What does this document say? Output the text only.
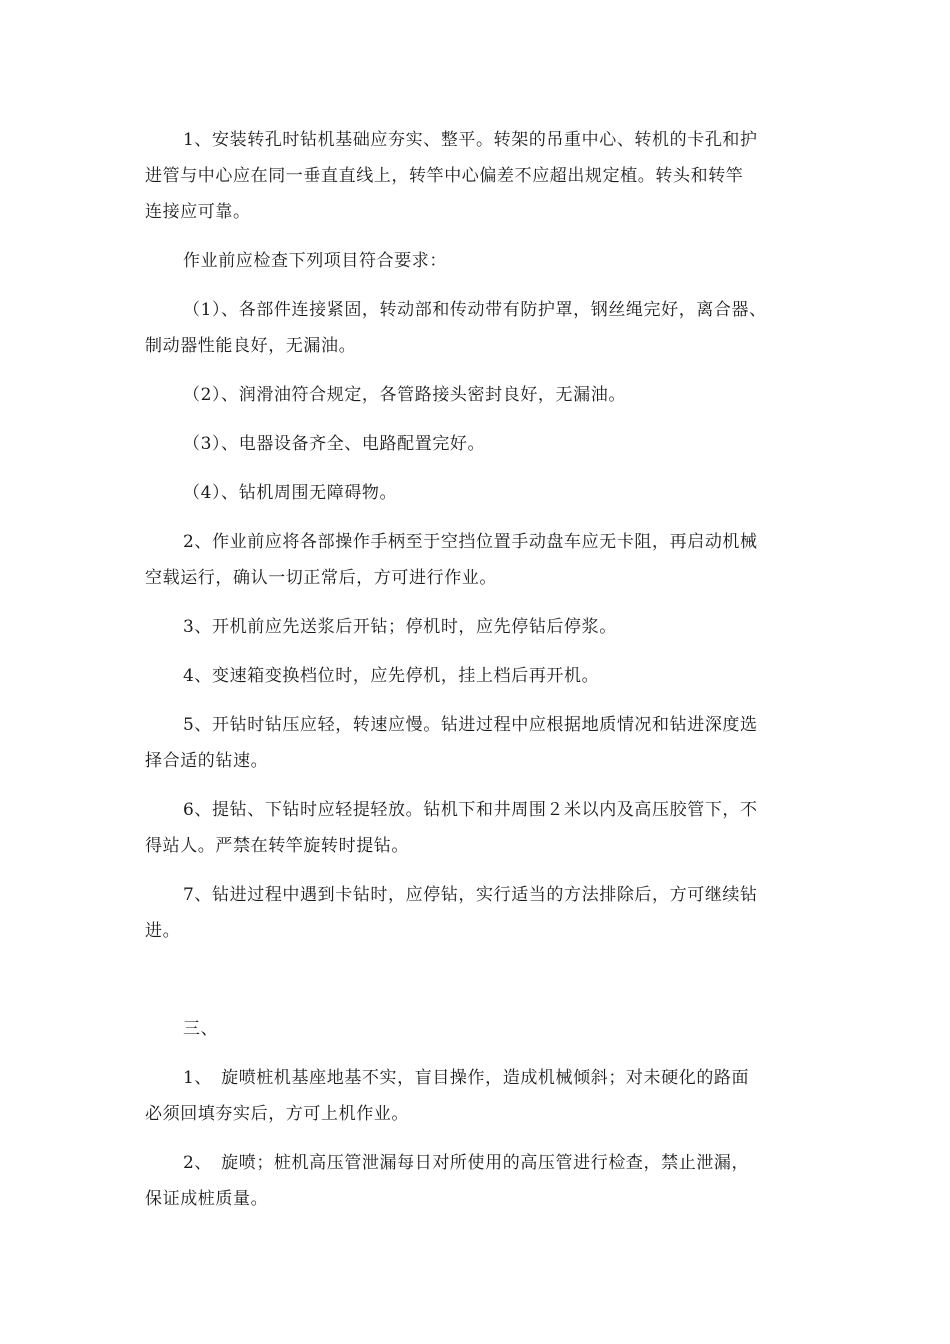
1、安装转孔时钻机基础应夯实、整平。转架的吊重中心、转机的卡孔和护
进管与中心应在同一垂直直线上，转竿中心偏差不应超出规定植。转头和转竿
连接应可靠。
作业前应检查下列项目符合要求：
（1）、各部件连接紧固，转动部和传动带有防护罩，钢丝绳完好，离合器、
制动器性能良好，无漏油。
（2）、润滑油符合规定，各管路接头密封良好，无漏油。
（3）、电器设备齐全、电路配置完好。
（4）、钻机周围无障碍物。
2、作业前应将各部操作手柄至于空挡位置手动盘车应无卡阻，再启动机械
空载运行，确认一切正常后，方可进行作业。
3、开机前应先送浆后开钻；停机时，应先停钻后停浆。
4、变速箱变换档位时，应先停机，挂上档后再开机。
5、开钻时钻压应轻，转速应慢。钻进过程中应根据地质情况和钻进深度选
择合适的钻速。
6、提钻、下钻时应轻提轻放。钻机下和井周围２米以内及高压胶管下，不
得站人。严禁在转竿旋转时提钻。
7、钻进过程中遇到卡钻时，应停钻，实行适当的方法排除后，方可继续钻
进。
三、
1、　旋喷桩机基座地基不实，盲目操作，造成机械倾斜；对未硬化的路面
必须回填夯实后，方可上机作业。
2、　旋喷；桩机高压管泄漏每日对所使用的高压管进行检查，禁止泄漏，
保证成桩质量。
